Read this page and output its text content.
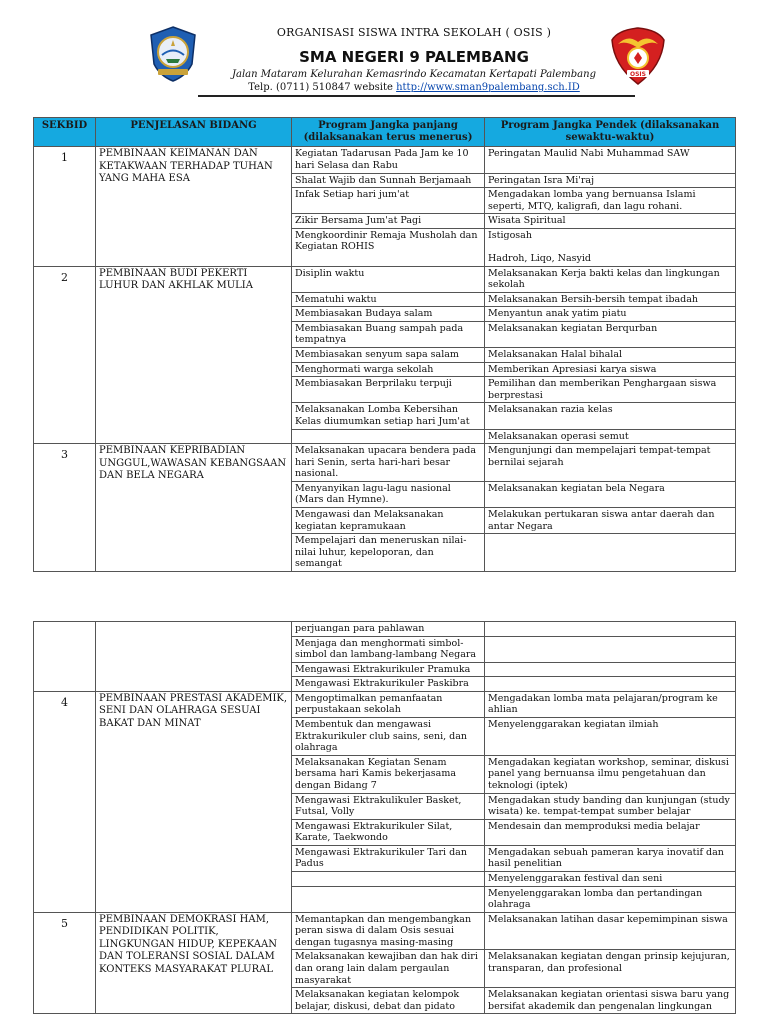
ORGANISASI SISWA INTRA SEKOLAH ( OSIS )
SMA NEGERI 9 PALEMBANG
Jalan Mataram Kelurahan Kemasrindo Kecamatan Kertapati Palembang
Telp. (0711) 510847 website http://www.sman9palembang.sch.ID
OSIS
SEKBID	PENJELASAN BIDANG	Program Jangka panjang (dilaksanakan terus menerus)	Program Jangka Pendek (dilaksanakan sewaktu-waktu)
1	PEMBINAAN KEIMANAN DAN KETAKWAAN TERHADAP TUHAN YANG MAHA ESA	Kegiatan Tadarusan Pada Jam ke 10 hari Selasa dan Rabu	Peringatan Maulid Nabi Muhammad SAW
		Shalat Wajib dan Sunnah Berjamaah	Peringatan Isra Mi'raj
		Infak Setiap hari jum'at	Mengadakan lomba yang bernuansa Islami seperti, MTQ, kaligrafi, dan lagu rohani.
		Zikir Bersama Jum'at Pagi	Wisata Spiritual
		Mengkoordinir Remaja Musholah dan Kegiatan ROHIS	Istigosah

Hadroh, Liqo, Nasyid
2	PEMBINAAN BUDI PEKERTI LUHUR DAN AKHLAK MULIA	Disiplin waktu	Melaksanakan Kerja bakti kelas dan lingkungan sekolah
		Mematuhi waktu	Melaksanakan Bersih-bersih tempat ibadah
		Membiasakan Budaya salam	Menyantun anak yatim piatu
		Membiasakan Buang sampah pada tempatnya	Melaksanakan kegiatan Berqurban
		Membiasakan senyum sapa salam	Melaksanakan Halal bihalal
		Menghormati warga sekolah	Memberikan Apresiasi karya siswa
		Membiasakan Berprilaku terpuji	Pemilihan dan memberikan Penghargaan siswa berprestasi
		Melaksanakan Lomba Kebersihan Kelas diumumkan setiap hari Jum'at	Melaksanakan razia kelas
			Melaksanakan operasi semut
3	PEMBINAAN KEPRIBADIAN UNGGUL,WAWASAN KEBANGSAAN DAN BELA NEGARA	Melaksanakan upacara bendera pada hari Senin, serta hari-hari besar nasional.	Mengunjungi dan mempelajari tempat-tempat bernilai sejarah
		Menyanyikan lagu-lagu nasional (Mars dan Hymne).	Melaksanakan kegiatan bela Negara
		Mengawasi dan Melaksanakan kegiatan kepramukaan	Melakukan pertukaran siswa antar daerah dan antar Negara
		Mempelajari dan meneruskan nilai-nilai luhur, kepeloporan, dan semangat	
		perjuangan para pahlawan	
		Menjaga dan menghormati simbol-simbol dan lambang-lambang Negara	
		Mengawasi Ektrakurikuler Pramuka	
		Mengawasi Ektrakurikuler Paskibra	
4	PEMBINAAN PRESTASI AKADEMIK, SENI DAN OLAHRAGA SESUAI BAKAT DAN MINAT	Mengoptimalkan pemanfaatan perpustakaan sekolah	Mengadakan lomba mata pelajaran/program ke ahlian
		Membentuk dan mengawasi Ektrakurikuler club sains, seni, dan olahraga	Menyelenggarakan kegiatan ilmiah
		Melaksanakan Kegiatan Senam bersama hari Kamis bekerjasama dengan Bidang 7	Mengadakan kegiatan workshop, seminar, diskusi panel yang bernuansa ilmu pengetahuan dan teknologi (iptek)
		Mengawasi Ektrakulikuler Basket, Futsal, Volly	Mengadakan study banding dan kunjungan (study wisata) ke. tempat-tempat sumber belajar
		Mengawasi Ektrakurikuler Silat, Karate, Taekwondo	Mendesain dan memproduksi media belajar
		Mengawasi Ektrakurikuler Tari dan Padus	Mengadakan sebuah pameran karya inovatif dan hasil penelitian
			Menyelenggarakan festival dan seni
			Menyelenggarakan lomba dan pertandingan olahraga
5	PEMBINAAN DEMOKRASI HAM, PENDIDIKAN POLITIK, LINGKUNGAN HIDUP, KEPEKAAN DAN TOLERANSI SOSIAL DALAM KONTEKS MASYARAKAT PLURAL	Memantapkan dan mengembangkan peran siswa di dalam Osis sesuai dengan tugasnya masing-masing	Melaksanakan latihan dasar kepemimpinan siswa
		Melaksanakan kewajiban dan hak diri dan orang lain dalam pergaulan masyarakat	Melaksanakan kegiatan dengan prinsip kejujuran, transparan, dan profesional
		Melaksanakan kegiatan kelompok belajar, diskusi, debat dan pidato	Melaksanakan kegiatan orientasi siswa baru yang bersifat akademik dan pengenalan lingkungan
